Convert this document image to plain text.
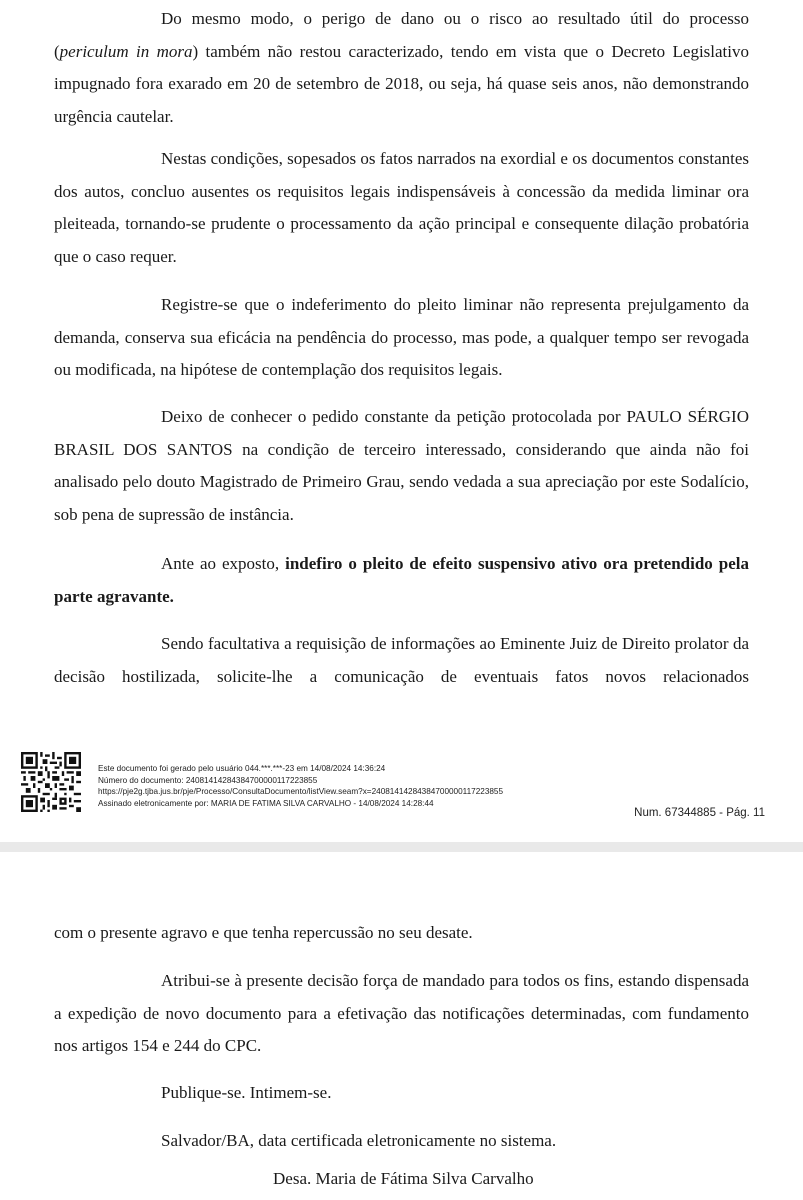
Do mesmo modo, o perigo de dano ou o risco ao resultado útil do processo (periculum in mora) também não restou caracterizado, tendo em vista que o Decreto Legislativo impugnado fora exarado em 20 de setembro de 2018, ou seja, há quase seis anos, não demonstrando urgência cautelar.

Nestas condições, sopesados os fatos narrados na exordial e os documentos constantes dos autos, concluo ausentes os requisitos legais indispensáveis à concessão da medida liminar ora pleiteada, tornando-se prudente o processamento da ação principal e consequente dilação probatória que o caso requer.

Registre-se que o indeferimento do pleito liminar não representa prejulgamento da demanda, conserva sua eficácia na pendência do processo, mas pode, a qualquer tempo ser revogada ou modificada, na hipótese de contemplação dos requisitos legais.

Deixo de conhecer o pedido constante da petição protocolada por PAULO SÉRGIO BRASIL DOS SANTOS na condição de terceiro interessado, considerando que ainda não foi analisado pelo douto Magistrado de Primeiro Grau, sendo vedada a sua apreciação por este Sodalício, sob pena de supressão de instância.

Ante ao exposto, indefiro o pleito de efeito suspensivo ativo ora pretendido pela parte agravante.

Sendo facultativa a requisição de informações ao Eminente Juiz de Direito prolator da decisão hostilizada, solicite-lhe a comunicação de eventuais fatos novos relacionados

Este documento foi gerado pelo usuário 044.***.***-23 em 14/08/2024 14:36:24
Número do documento: 24081414284384700000117223855
https://pje2g.tjba.jus.br/pje/Processo/ConsultaDocumento/listView.seam?x=24081414284384700000117223855
Assinado eletronicamente por: MARIA DE FATIMA SILVA CARVALHO - 14/08/2024 14:28:44
Num. 67344885 - Pág. 11

com o presente agravo e que tenha repercussão no seu desate.

Atribui-se à presente decisão força de mandado para todos os fins, estando dispensada a expedição de novo documento para a efetivação das notificações determinadas, com fundamento nos artigos 154 e 244 do CPC.

Publique-se. Intimem-se.

Salvador/BA, data certificada eletronicamente no sistema.

Desa. Maria de Fátima Silva Carvalho
